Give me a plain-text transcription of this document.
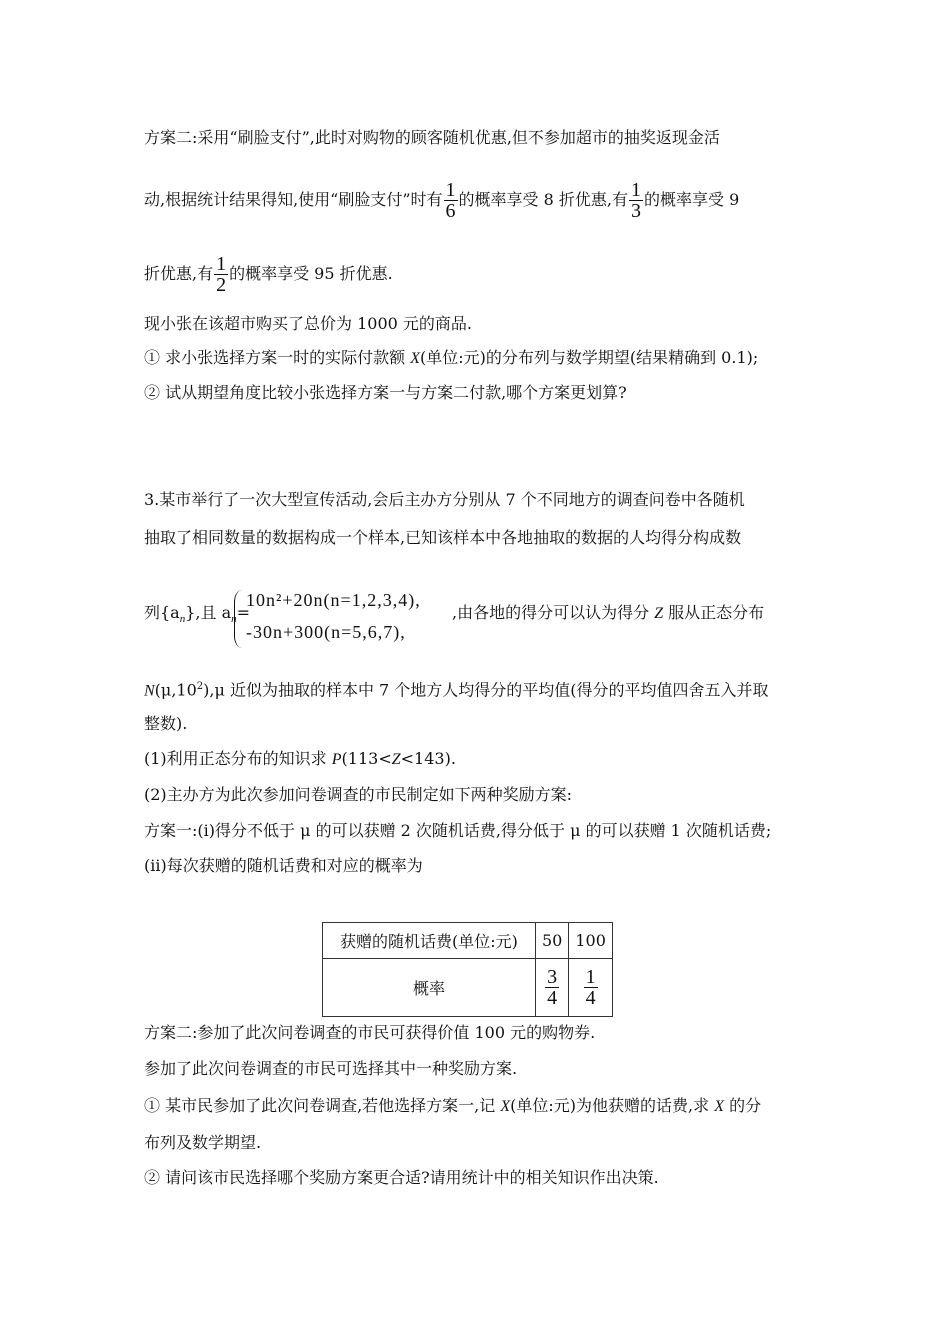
方案二:采用“刷脸支付”,此时对购物的顾客随机优惠,但不参加超市的抽奖返现金活
动,根据统计结果得知,使用“刷脸支付”时有 $\frac{1}{6}$ 的概率享受 8 折优惠,有 $\frac{1}{3}$ 的概率享受 9
折优惠,有 $\frac{1}{2}$ 的概率享受 95 折优惠.
现小张在该超市购买了总价为 1000 元的商品.
① 求小张选择方案一时的实际付款额 X(单位:元)的分布列与数学期望(结果精确到 0.1);
② 试从期望角度比较小张选择方案一与方案二付款,哪个方案更划算?
3.某市举行了一次大型宣传活动,会后主办方分别从 7 个不同地方的调查问卷中各随机
抽取了相同数量的数据构成一个样本,已知该样本中各地抽取的数据的人均得分构成数
列$\{a_n\}$,且 $a_n=$
10n²+20n(n=1,2,3,4),
-30n+300(n=5,6,7),
,由各地的得分可以认为得分 Z 服从正态分布
$N(\mu,10^2),\mu$ 近似为抽取的样本中 7 个地方人均得分的平均值(得分的平均值四舍五入并取
整数).
(1)利用正态分布的知识求 P(113<Z<143).
(2)主办方为此次参加问卷调查的市民制定如下两种奖励方案:
方案一:(i)得分不低于 μ 的可以获赠 2 次随机话费,得分低于 μ 的可以获赠 1 次随机话费;
(ii)每次获赠的随机话费和对应的概率为
获赠的随机话费(单位:元)	50	100
概率	$\frac{3}{4}$	$\frac{1}{4}$
方案二:参加了此次问卷调查的市民可获得价值 100 元的购物券.
参加了此次问卷调查的市民可选择其中一种奖励方案.
① 某市民参加了此次问卷调查,若他选择方案一,记 X(单位:元)为他获赠的话费,求 X 的分
布列及数学期望.
② 请问该市民选择哪个奖励方案更合适?请用统计中的相关知识作出决策.
